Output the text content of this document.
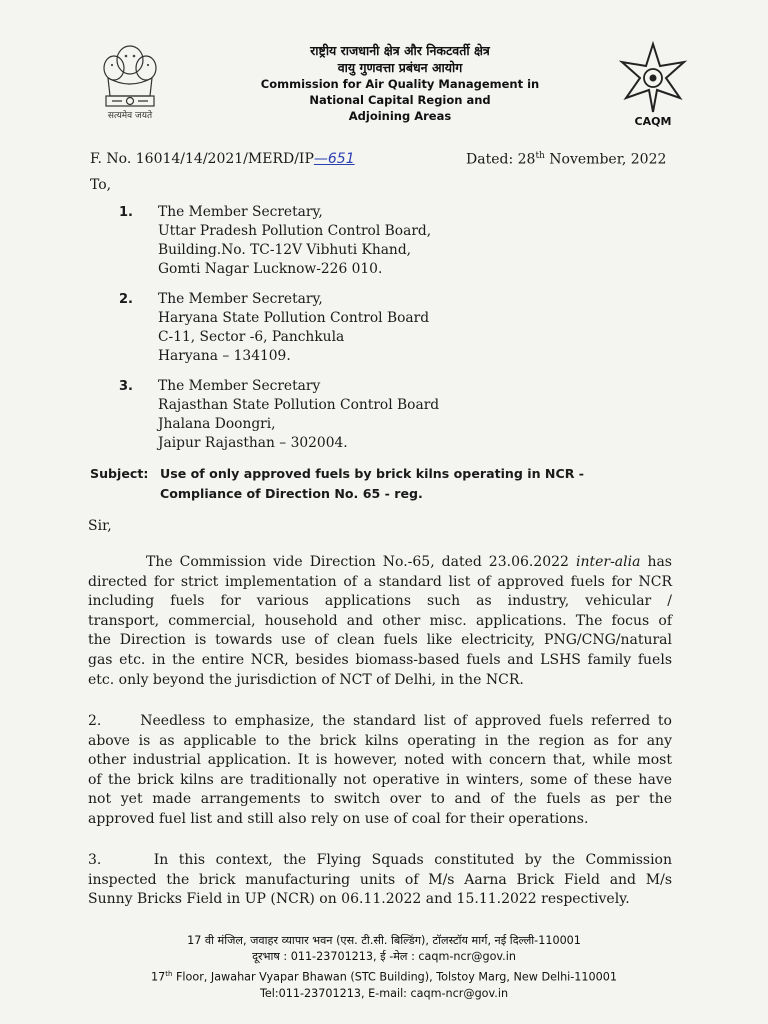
सत्यमेव जयते
राष्ट्रीय राजधानी क्षेत्र और निकटवर्ती क्षेत्र
वायु गुणवत्ता प्रबंधन आयोग
Commission for Air Quality Management in
National Capital Region and
Adjoining Areas	CAQM
F. No. 16014/14/2021/MERD/IP—651	Dated: 28th November, 2022
To,
1. The Member Secretary,
Uttar Pradesh Pollution Control Board,
Building.No. TC-12V Vibhuti Khand,
Gomti Nagar Lucknow-226 010.
2. The Member Secretary,
Haryana State Pollution Control Board
C-11, Sector -6, Panchkula
Haryana – 134109.
3. The Member Secretary
Rajasthan State Pollution Control Board
Jhalana Doongri,
Jaipur Rajasthan – 302004.
Subject: Use of only approved fuels by brick kilns operating in NCR -
Compliance of Direction No. 65 - reg.
Sir,
The Commission vide Direction No.-65, dated 23.06.2022 inter-alia has
directed for strict implementation of a standard list of approved fuels for NCR
including fuels for various applications such as industry, vehicular /
transport, commercial, household and other misc. applications. The focus of
the Direction is towards use of clean fuels like electricity, PNG/CNG/natural
gas etc. in the entire NCR, besides biomass-based fuels and LSHS family fuels
etc. only beyond the jurisdiction of NCT of Delhi, in the NCR.
2.     Needless to emphasize, the standard list of approved fuels referred to
above is as applicable to the brick kilns operating in the region as for any
other industrial application. It is however, noted with concern that, while most
of the brick kilns are traditionally not operative in winters, some of these have
not yet made arrangements to switch over to and of the fuels as per the
approved fuel list and still also rely on use of coal for their operations.
3.     In this context, the Flying Squads constituted by the Commission
inspected the brick manufacturing units of M/s Aarna Brick Field and M/s
Sunny Bricks Field in UP (NCR) on 06.11.2022 and 15.11.2022 respectively.
17 वी मंजिल, जवाहर व्यापार भवन (एस. टी.सी. बिल्डिंग), टॉलस्टॉय मार्ग, नई दिल्ली-110001
दूरभाष : 011-23701213, ई -मेल : caqm-ncr@gov.in
17th Floor, Jawahar Vyapar Bhawan (STC Building), Tolstoy Marg, New Delhi-110001
Tel:011-23701213, E-mail: caqm-ncr@gov.in
